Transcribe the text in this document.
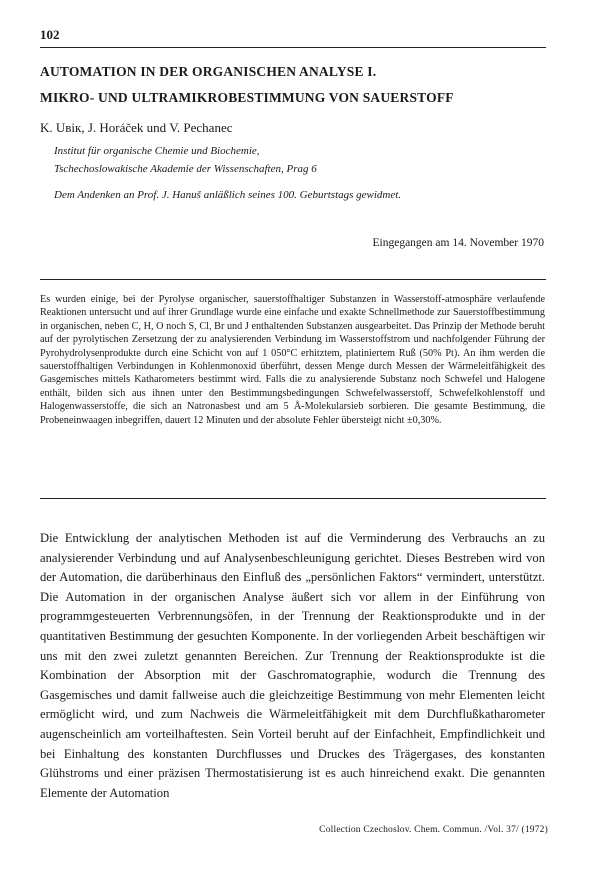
102
AUTOMATION IN DER ORGANISCHEN ANALYSE I.
MIKRO- UND ULTRAMIKROBESTIMMUNG VON SAUERSTOFF
K. Uвік, J. Horáček und V. Pechanec
Institut für organische Chemie und Biochemie,
Tschechoslowakische Akademie der Wissenschaften, Prag 6
Dem Andenken an Prof. J. Hanuš anläßlich seines 100. Geburtstags gewidmet.
Eingegangen am 14. November 1970
Es wurden einige, bei der Pyrolyse organischer, sauerstoffhaltiger Substanzen in Wasserstoff-atmosphäre verlaufende Reaktionen untersucht und auf ihrer Grundlage wurde eine einfache und exakte Schnellmethode zur Sauerstoffbestimmung in organischen, neben C, H, O noch S, Cl, Br und J enthaltenden Substanzen ausgearbeitet. Das Prinzip der Methode beruht auf der pyrolytischen Zersetzung der zu analysierenden Verbindung im Wasserstoffstrom und nachfolgender Führung der Pyrohydrolysenprodukte durch eine Schicht von auf 1 050°C erhitztem, platiniertem Ruß (50% Pt). An ihm werden die sauerstoffhaltigen Verbindungen in Kohlenmonoxid überführt, dessen Menge durch Messen der Wärmeleitfähigkeit des Gasgemisches mittels Katharometers bestimmt wird. Falls die zu analysierende Substanz noch Schwefel und Halogene enthält, bilden sich aus ihnen unter den Bestimmungsbedingungen Schwefelwasserstoff, Schwefelkohlenstoff und Halogenwasserstoffe, die sich an Natronasbest und am 5 Å-Molekularsieb sorbieren. Die gesamte Bestimmung, die Probeneinwaagen inbegriffen, dauert 12 Minuten und der absolute Fehler übersteigt nicht ±0,30%.
Die Entwicklung der analytischen Methoden ist auf die Verminderung des Verbrauchs an zu analysierender Verbindung und auf Analysenbeschleunigung gerichtet. Dieses Bestreben wird von der Automation, die darüberhinaus den Einfluß des „persönlichen Faktors“ vermindert, unterstützt. Die Automation in der organischen Analyse äußert sich vor allem in der Einführung von programmgesteuerten Verbrennungsöfen, in der Trennung der Reaktionsprodukte und in der quantitativen Bestimmung der gesuchten Komponente. In der vorliegenden Arbeit beschäftigen wir uns mit den zwei zuletzt genannten Bereichen. Zur Trennung der Reaktionsprodukte ist die Kombination der Absorption mit der Gaschromatographie, wodurch die Trennung des Gasgemisches und damit fallweise auch die gleichzeitige Bestimmung von mehr Elementen leicht ermöglicht wird, und zum Nachweis die Wärmeleitfähigkeit mit dem Durchflußkatharometer augenscheinlich am vorteilhaftesten. Sein Vorteil beruht auf der Einfachheit, Empfindlichkeit und bei Einhaltung des konstanten Durchflusses und Druckes des Trägergases, des konstanten Glühstroms und einer präzisen Thermostatisierung ist es auch hinreichend exakt. Die genannten Elemente der Automation
Collection Czechoslov. Chem. Commun. /Vol. 37/ (1972)
